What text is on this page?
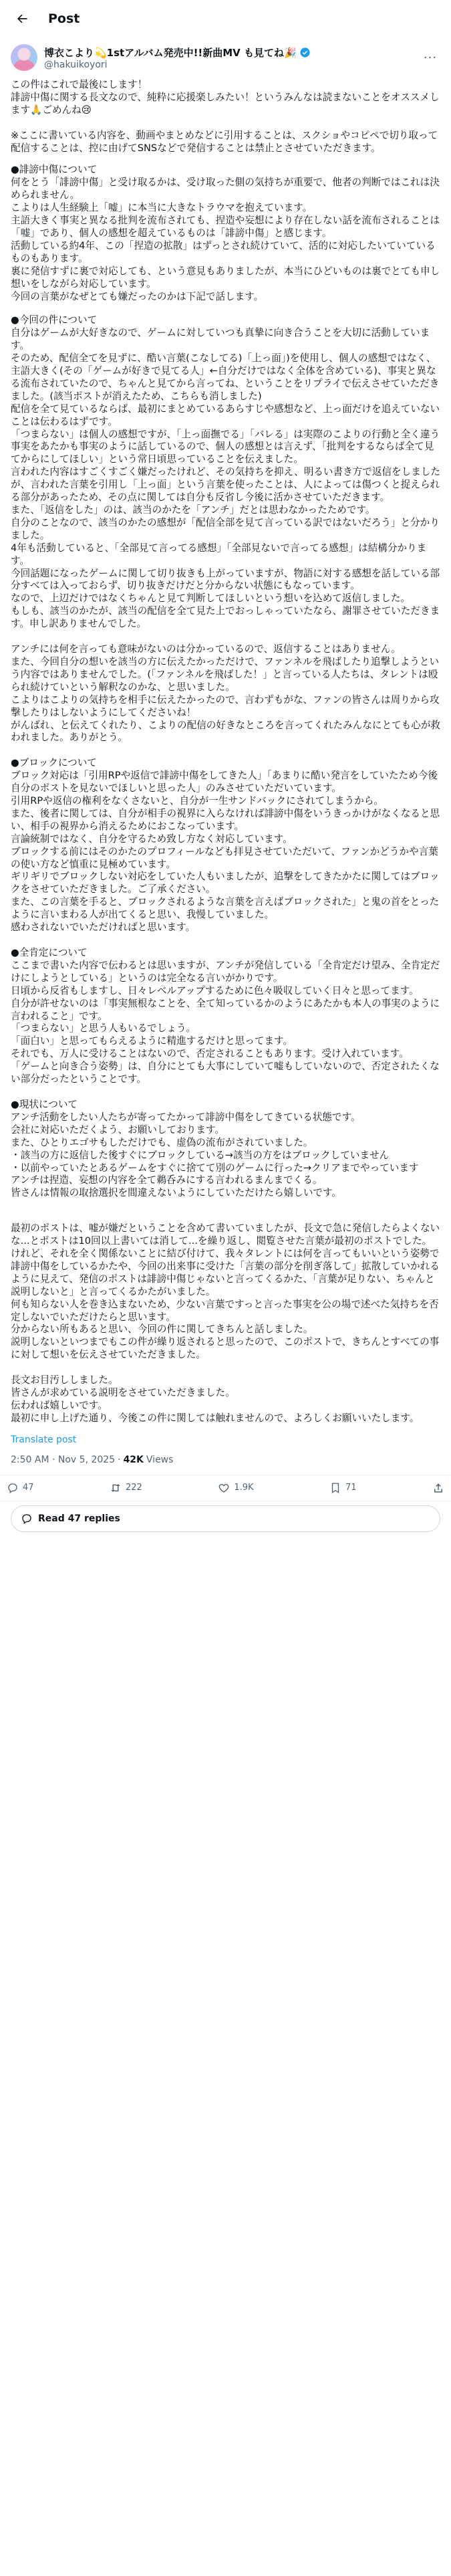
Post
博衣こより💫1stアルバム発売中!!新曲MV も見てね🎉
@hakuikoyori	···

この件はこれで最後にします！
誹謗中傷に関する長文なので、純粋に応援楽しみたい！というみんなは読まないことをオススメします🙏ごめんね😢

※ここに書いている内容を、動画やまとめなどに引用することは、スクショやコピペで切り取って配信することは、控に由げてSNSなどで発信することは禁止とさせていただきます。

●誹謗中傷について
何をとう「誹謗中傷」と受け取るかは、受け取った側の気持ちが重要で、他者の判断ではこれは決められません。
こよりは人生経験上「嘘」に本当に大きなトラウマを抱えています。
主語大きく事実と異なる批判を流布されても、捏造や妄想により存在しない話を流布されることは「嘘」であり、個人の感想を超えているものは「誹謗中傷」と感じます。
活動している約4年、この「捏造の拡散」はずっとされ続けていて、活的に対応したいていているものもあります。
裏に発信すずに裏で対応しても、という意見もありましたが、本当にひどいものは裏でとても申し想いをしながら対応しています。
今回の言葉がなぜとても嫌だったのかは下記で話します。

●今回の件について
自分はゲームが大好きなので、ゲームに対していつも真摯に向き合うことを大切に活動しています。
そのため、配信全てを見ずに、酷い言葉(こなしてる)「上っ面」)を使用し、個人の感想ではなく、主語大きく(その「ゲームが好きで見てる人」←自分だけではなく全体を含めている)、事実と異なる流布されていたので、ちゃんと見てから言ってね、ということをリプライで伝えさせていただきました。(該当ポストが消えたため、こちらも消しました)
配信を全て見ているならば、最初にまとめているあらすじや感想など、上っ面だけを追えていないことは伝わるはずです。
「つまらない」は個人の感想ですが、「上っ面撫でる」「バレる」は実際のこよりの行動と全く違う事実をあたかも事実のように話しているので、個人の感想とは言えず、「批判をするならば全て見てからにしてほしい」という常日頃思っていることを伝えました。
言われた内容はすごくすごく嫌だったけれど、その気持ちを抑え、明るい書き方で返信をしましたが、言われた言葉を引用し「上っ面」という言葉を使ったことは、人によっては傷つくと捉えられる部分があったため、その点に関しては自分も反省し今後に活かさせていただきます。
また、「返信をした」のは、該当のかたを「アンチ」だとは思わなかったためです。
自分のことなので、該当のかたの感想が「配信全部を見て言っている訳ではないだろう」と分かりました。
4年も活動していると、「全部見て言ってる感想」「全部見ないで言ってる感想」は結構分かります。
今回話題になったゲームに関して切り抜きも上がっていますが、物語に対する感想を話している部分すべては入っておらず、切り抜きだけだと分からない状態にもなっています。
なので、上辺だけではなくちゃんと見て判断してほしいという想いを込めて返信しました。
もしも、該当のかたが、該当の配信を全て見た上でおっしゃっていたなら、謝罪させていただきます。申し訳ありませんでした。

アンチには何を言っても意味がないのは分かっているので、返信することはありません。
また、今回自分の想いを該当の方に伝えたかっただけで、ファンネルを飛ばしたり追撃しようという内容ではありませんでした。(「ファンネルを飛ばした！」と言っている人たちは、タレントは殴られ続けていという解釈なのかな、と思いました。
こよりはこよりの気持ちを相手に伝えたかったので、言わずもがな、ファンの皆さんは周りから攻撃したりはしないようにしてくださいね！
がんばれ、と伝えてくれたり、こよりの配信の好きなところを言ってくれたみんなにとても心が救われました。ありがとう。

●ブロックについて
ブロック対応は「引用RPや返信で誹謗中傷をしてきた人」「あまりに酷い発言をしていたため今後自分のポストを見ないでほしいと思った人」のみさせていただいています。
引用RPや返信の権利をなくさないと、自分が一生サンドバックにされてしまうから。
また、後者に関しては、自分が相手の視界に入らなければ誹謗中傷をいうきっかけがなくなると思い、相手の視界から消えるためにおこなっています。
言論統制ではなく、自分を守るため致し方なく対応しています。
ブロックする前にはそのかたのプロフィールなども拝見させていただいて、ファンかどうかや言葉の使い方など慎重に見極めています。
ギリギリでブロックしない対応をしていた人もいましたが、追撃をしてきたかたに関してはブロックをさせていただきました。ご了承ください。
また、この言葉を手ると、ブロックされるような言葉を言えばブロックされた」と鬼の首をとったように言いまわる人が出てくると思い、我慢していました。
感わされないでいただければと思います。

●全肯定について
ここまで書いた内容で伝わるとは思いますが、アンチが発信している「全肯定だけ望み、全肯定だけにしようとしている」というのは完全なる言いがかりです。
日頃から反省もしますし、日々レベルアップするために色々吸収していく日々と思ってます。
自分が許せないのは「事実無根なことを、全て知っているかのようにあたかも本人の事実のように言われること」です。
「つまらない」と思う人もいるでしょう。
「面白い」と思ってもらえるように精進するだけと思ってます。
それでも、万人に受けることはないので、否定されることもあります。受け入れています。
「ゲームと向き合う姿勢」は、自分にとても大事にしていて嘘もしていないので、否定されたくない部分だったということです。

●現状について
アンチ活動をしたい人たちが寄ってたかって誹謗中傷をしてきている状態です。
会社に対応いただくよう、お願いしております。
また、ひとりエゴサもしただけでも、虚偽の流布がされていました。
・該当の方に返信した後すぐにブロックしている→該当の方をはブロックしていません
・以前やっていたとあるゲームをすぐに捨てて別のゲームに行った→クリアまでやっています
アンチは捏造、妄想の内容を全て鵜呑みにする言われるまんまでくる。
皆さんは情報の取捨選択を間違えないようにしていただけたら嬉しいです。

最初のポストは、嘘が嫌だということを含めて書いていましたが、長文で急に発信したらよくないな...とポストは10回以上書いては消して...を繰り返し、閲覧させた言葉が最初のポストでした。
けれど、それを全く関係ないことに結び付けて、我々タレントには何を言ってもいいという姿勢で誹謗中傷をしているかたや、今回の出来事に受けた「言葉の部分を削ぎ落して」拡散していかれるように見えて、発信のポストは誹謗中傷じゃないと言ってくるかた、「言葉が足りない、ちゃんと説明しないと」と言ってくるかたがいました。
何も知らない人を巻き込まないため、少ない言葉ですっと言った事実を公の場で述べた気持ちを否定しないでいただけたらと思います。
分からない所もあると思い、今回の件に関してきちんと話しました。
説明しないといつまでもこの件が繰り返されると思ったので、このポストで、きちんとすべての事に対して想いを伝えさせていただきました。

長文お目汚ししました。
皆さんが求めている説明をさせていただきました。
伝われば嬉しいです。
最初に申し上げた通り、今後この件に関しては触れませんので、よろしくお願いいたします。

Translate post
2:50 AM · Nov 5, 2025 · 42K Views
47	222	1.9K	71
Read 47 replies
